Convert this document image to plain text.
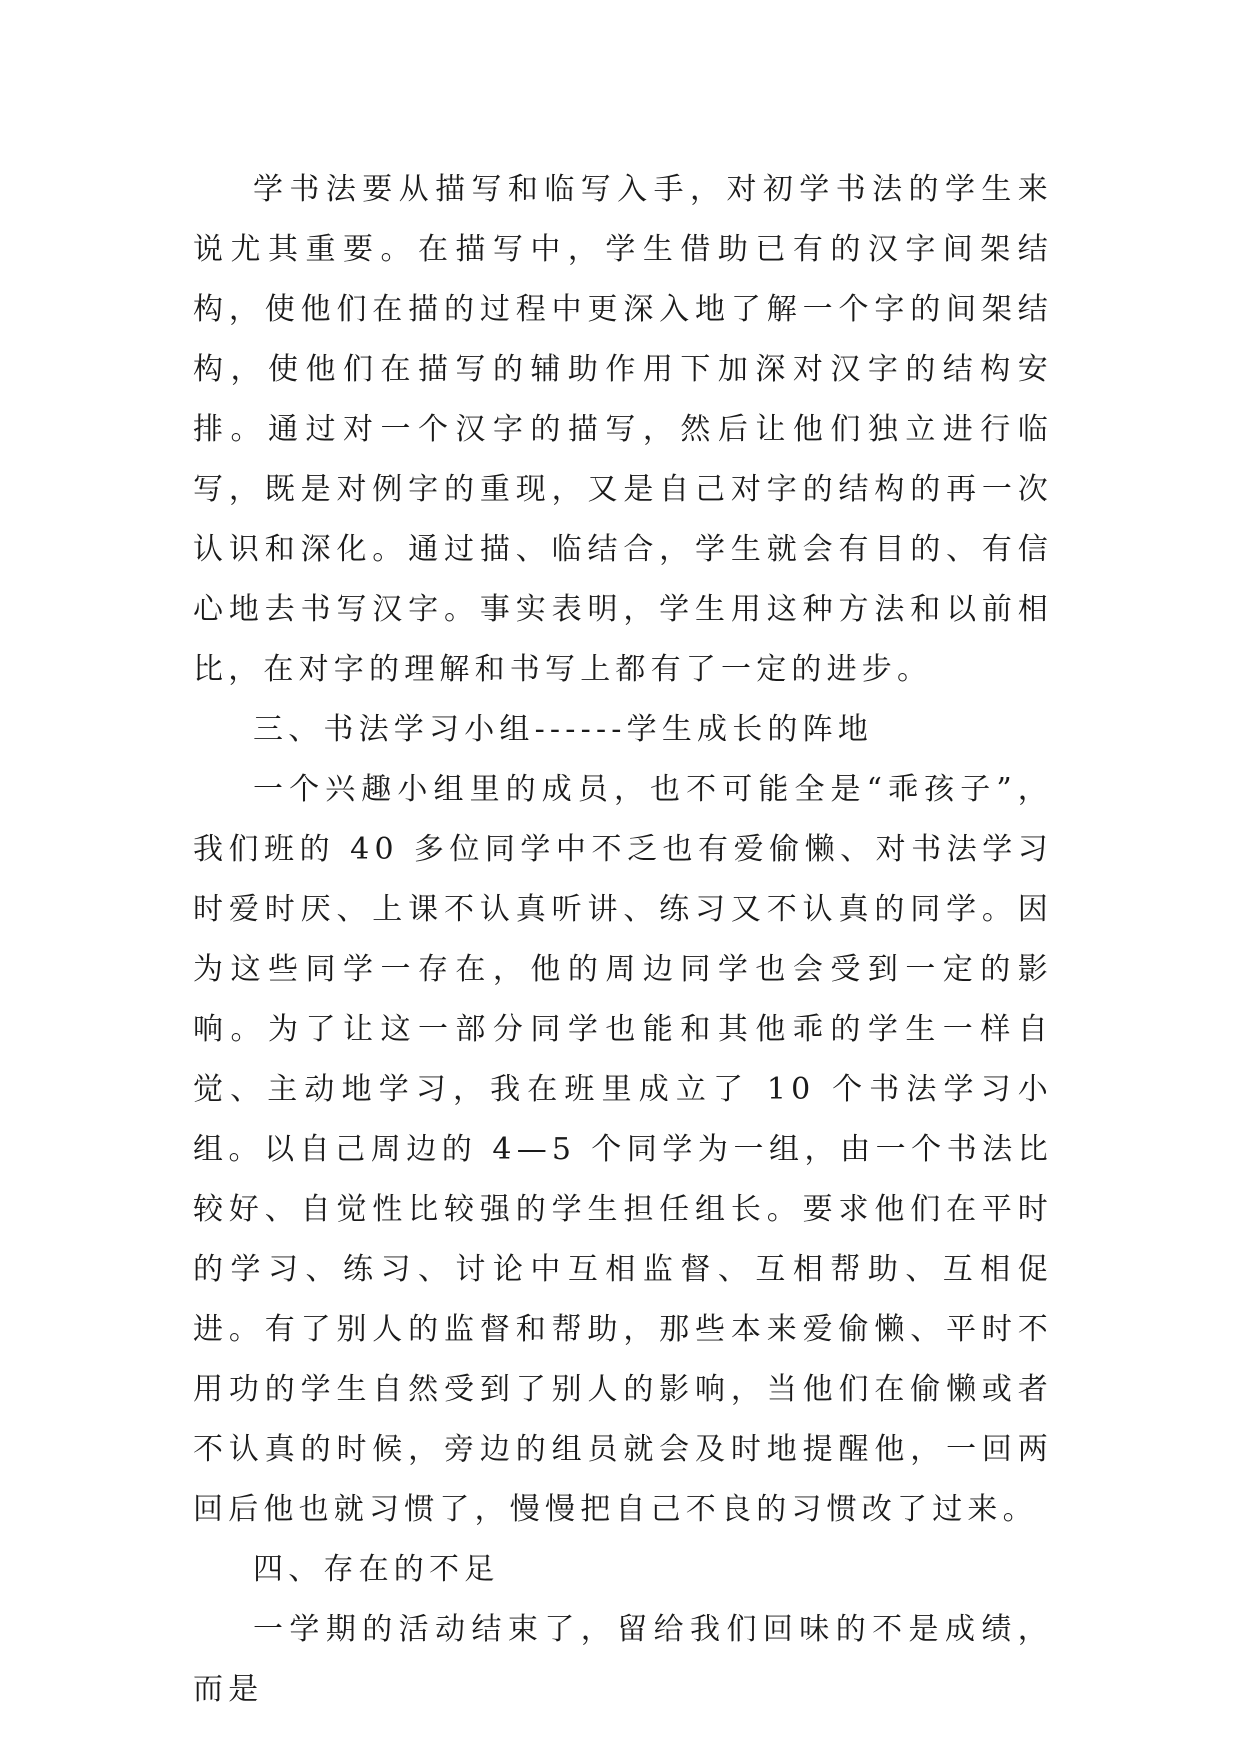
学书法要从描写和临写入手，对初学书法的学生来说尤其重要。在描写中，学生借助已有的汉字间架结构，使他们在描的过程中更深入地了解一个字的间架结构，使他们在描写的辅助作用下加深对汉字的结构安排。通过对一个汉字的描写，然后让他们独立进行临写，既是对例字的重现，又是自己对字的结构的再一次认识和深化。通过描、临结合，学生就会有目的、有信心地去书写汉字。事实表明，学生用这种方法和以前相比，在对字的理解和书写上都有了一定的进步。

三、书法学习小组------学生成长的阵地

一个兴趣小组里的成员，也不可能全是“乖孩子”，我们班的 40 多位同学中不乏也有爱偷懒、对书法学习时爱时厌、上课不认真听讲、练习又不认真的同学。因为这些同学一存在，他的周边同学也会受到一定的影响。为了让这一部分同学也能和其他乖的学生一样自觉、主动地学习，我在班里成立了 10 个书法学习小组。以自己周边的 4—5 个同学为一组，由一个书法比较好、自觉性比较强的学生担任组长。要求他们在平时的学习、练习、讨论中互相监督、互相帮助、互相促进。有了别人的监督和帮助，那些本来爱偷懒、平时不用功的学生自然受到了别人的影响，当他们在偷懒或者不认真的时候，旁边的组员就会及时地提醒他，一回两回后他也就习惯了，慢慢把自己不良的习惯改了过来。

四、存在的不足

一学期的活动结束了，留给我们回味的不是成绩，而是
